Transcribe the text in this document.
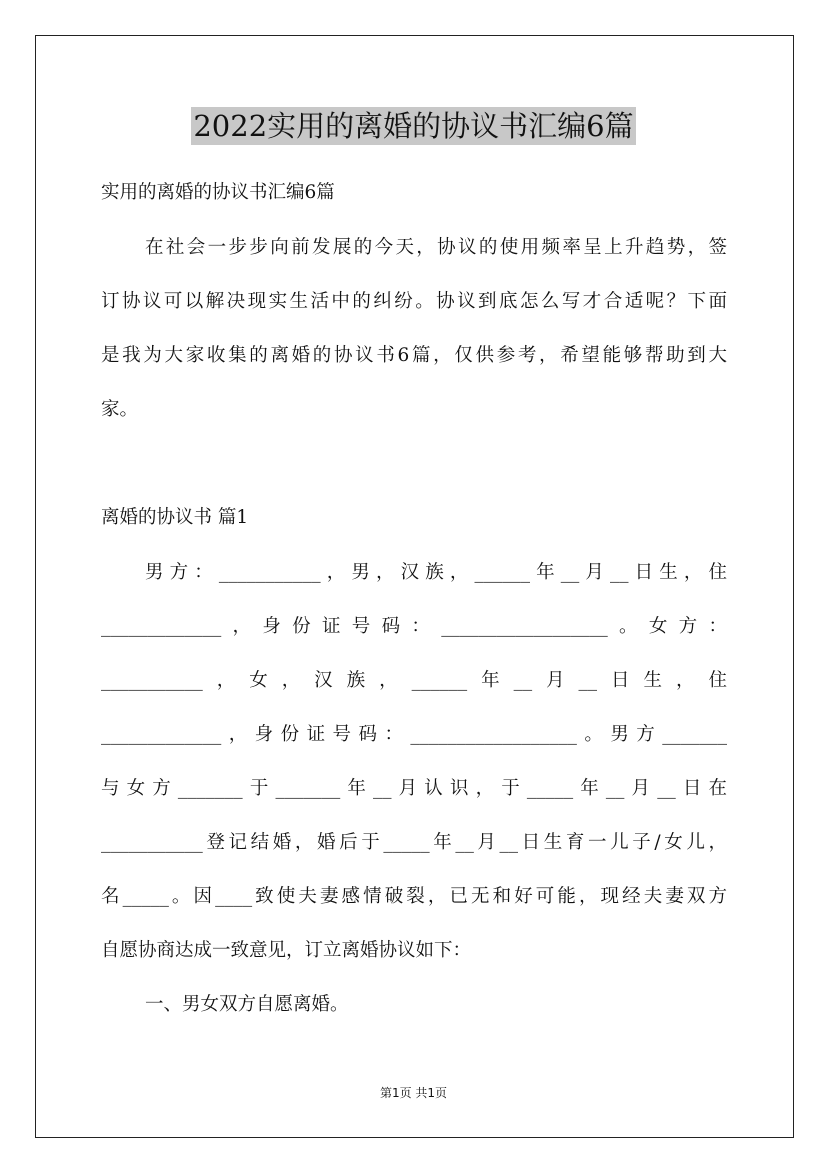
2022实用的离婚的协议书汇编6篇
实用的离婚的协议书汇编6篇
在社会一步步向前发展的今天，协议的使用频率呈上升趋势，签
订协议可以解决现实生活中的纠纷。协议到底怎么写才合适呢？下面
是我为大家收集的离婚的协议书6篇，仅供参考，希望能够帮助到大
家。
离婚的协议书 篇1
男方：___________，男，汉族，______年__月__日生，住
_____________，身份证号码：__________________。女方：
___________，女，汉族，______年__月__日生，住
_____________，身份证号码：__________________。男方_______
与女方_______于_______年__月认识，于_____年__月__日在
___________登记结婚，婚后于_____年__月__日生育一儿子/女儿，
名_____。因____致使夫妻感情破裂，已无和好可能，现经夫妻双方
自愿协商达成一致意见，订立离婚协议如下：
一、男女双方自愿离婚。
第1页 共1页
